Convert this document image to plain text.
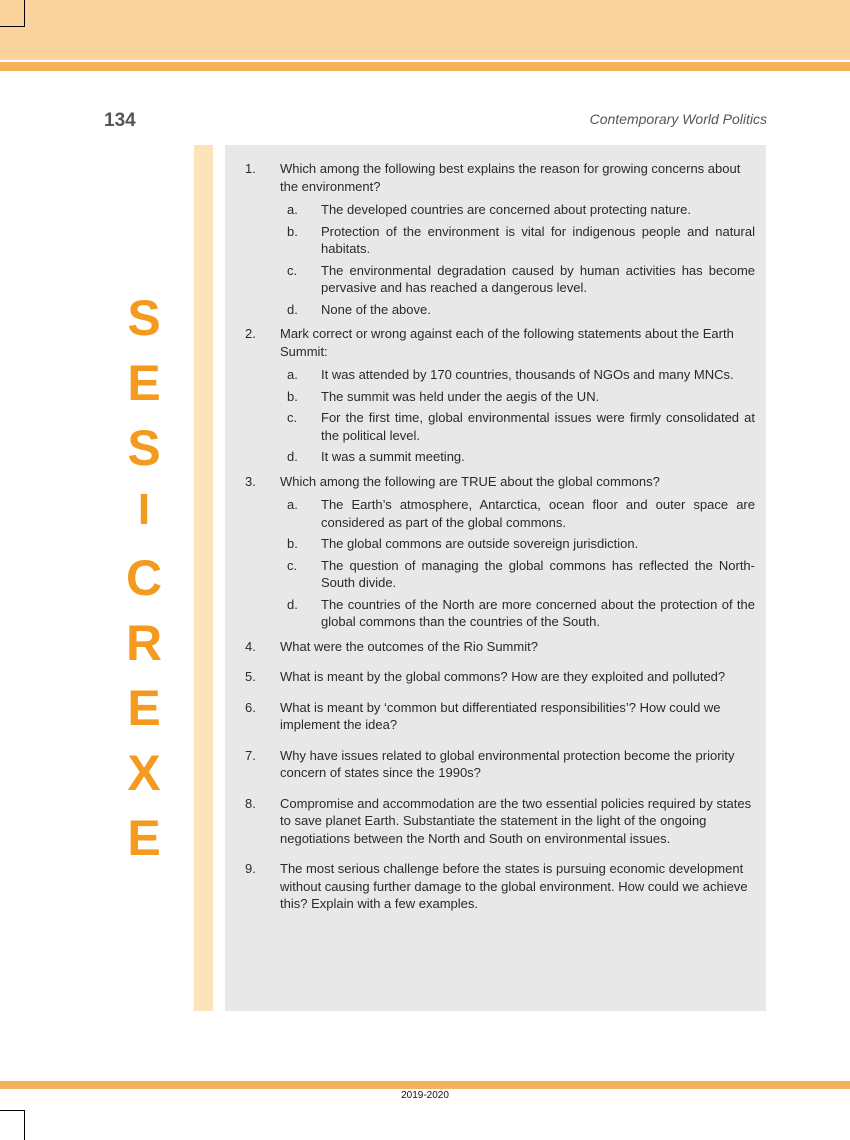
134	Contemporary World Politics
S
E
S
I
C
R
E
X
E
1. Which among the following best explains the reason for growing concerns about the environment?
a. The developed countries are concerned about protecting nature.
b. Protection of the environment is vital for indigenous people and natural habitats.
c. The environmental degradation caused by human activities has become pervasive and has reached a dangerous level.
d. None of the above.
2. Mark correct or wrong against each of the following statements about the Earth Summit:
a. It was attended by 170 countries, thousands of NGOs and many MNCs.
b. The summit was held under the aegis of the UN.
c. For the first time, global environmental issues were firmly consolidated at the political level.
d. It was a summit meeting.
3. Which among the following are TRUE about the global commons?
a. The Earth’s atmosphere, Antarctica, ocean floor and outer space are considered as part of the global commons.
b. The global commons are outside sovereign jurisdiction.
c. The question of managing the global commons has reflected the North-South divide.
d. The countries of the North are more concerned about the protection of the global commons than the countries of the South.
4. What were the outcomes of the Rio Summit?
5. What is meant by the global commons? How are they exploited and polluted?
6. What is meant by ‘common but differentiated responsibilities’? How could we implement the idea?
7. Why have issues related to global environmental protection become the priority concern of states since the 1990s?
8. Compromise and accommodation are the two essential policies required by states to save planet Earth. Substantiate the statement in the light of the ongoing negotiations between the North and South on environmental issues.
9. The most serious challenge before the states is pursuing economic development without causing further damage to the global environment. How could we achieve this? Explain with a few examples.
2019-2020
